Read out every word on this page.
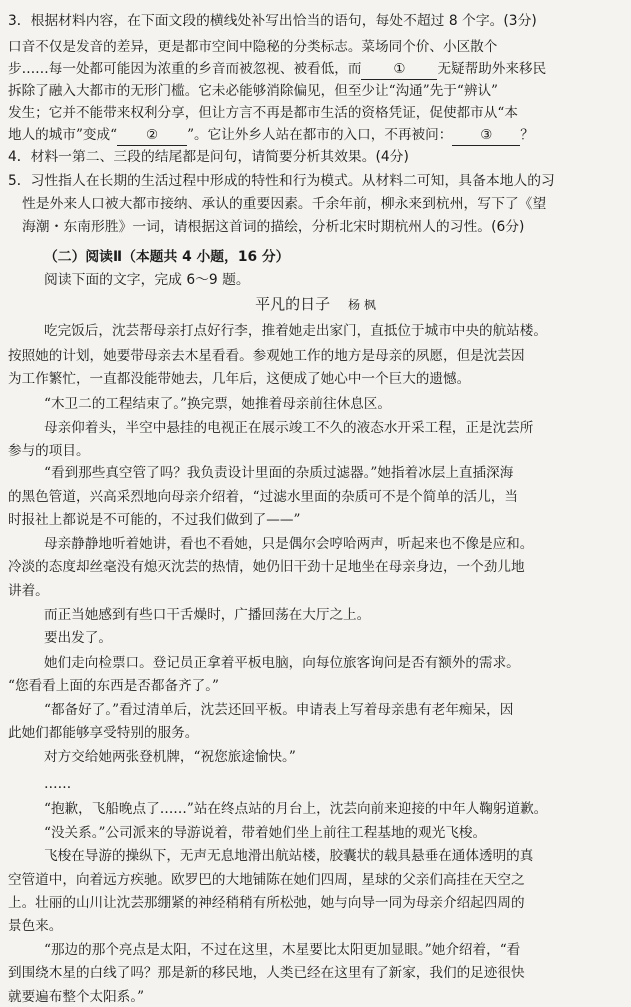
3．根据材料内容，在下面文段的横线处补写出恰当的语句，每处不超过 8 个字。(3分)
口音不仅是发音的差异，更是都市空间中隐秘的分类标志。菜场同个价、小区散个
步……每一处都可能因为浓重的乡音而被忽视、被看低，而 ① 无疑帮助外来移民
拆除了融入大都市的无形门槛。它未必能够消除偏见，但至少让“沟通”先于“辨认”
发生；它并不能带来权利分享，但让方言不再是都市生活的资格凭证，促使都市从“本
地人的城市”变成“ ② ”。它让外乡人站在都市的入口，不再被问： ③ ？
4．材料一第二、三段的结尾都是问句，请简要分析其效果。(4分)
5．习性指人在长期的生活过程中形成的特性和行为模式。从材料二可知，具备本地人的习
性是外来人口被大都市接纳、承认的重要因素。千余年前，柳永来到杭州，写下了《望
海潮・东南形胜》一词，请根据这首词的描绘，分析北宋时期杭州人的习性。(6分)
（二）阅读Ⅱ（本题共 4 小题，16 分）
阅读下面的文字，完成 6～9 题。
平凡的日子 杨 枫
吃完饭后，沈芸帮母亲打点好行李，推着她走出家门，直抵位于城市中央的航站楼。
按照她的计划，她要带母亲去木星看看。参观她工作的地方是母亲的夙愿，但是沈芸因
为工作繁忙，一直都没能带她去，几年后，这便成了她心中一个巨大的遗憾。
“木卫二的工程结束了。”换完票，她推着母亲前往休息区。
母亲仰着头，半空中悬挂的电视正在展示竣工不久的液态水开采工程，正是沈芸所
参与的项目。
“看到那些真空管了吗？我负责设计里面的杂质过滤器。”她指着冰层上直插深海
的黑色管道，兴高采烈地向母亲介绍着，“过滤水里面的杂质可不是个简单的活儿，当
时报社上都说是不可能的，不过我们做到了——”
母亲静静地听着她讲，看也不看她，只是偶尔会哼哈两声，听起来也不像是应和。
冷淡的态度却丝毫没有熄灭沈芸的热情，她仍旧干劲十足地坐在母亲身边，一个劲儿地
讲着。
而正当她感到有些口干舌燥时，广播回荡在大厅之上。
要出发了。
她们走向检票口。登记员正拿着平板电脑，向每位旅客询问是否有额外的需求。
“您看看上面的东西是否都备齐了。”
“都备好了。”看过清单后，沈芸还回平板。申请表上写着母亲患有老年痴呆，因
此她们都能够享受特别的服务。
对方交给她两张登机牌，“祝您旅途愉快。”
……
“抱歉，飞船晚点了……”站在终点站的月台上，沈芸向前来迎接的中年人鞠躬道歉。
“没关系。”公司派来的导游说着，带着她们坐上前往工程基地的观光飞梭。
飞梭在导游的操纵下，无声无息地滑出航站楼，胶囊状的载具悬垂在通体透明的真
空管道中，向着远方疾驰。欧罗巴的大地铺陈在她们四周，星球的父亲们高挂在天空之
上。壮丽的山川让沈芸那绷紧的神经稍稍有所松弛，她与向导一同为母亲介绍起四周的
景色来。
“那边的那个亮点是太阳，不过在这里，木星要比太阳更加显眼。”她介绍着，“看
到围绕木星的白线了吗？那是新的移民地，人类已经在这里有了新家，我们的足迹很快
就要遍布整个太阳系。”
